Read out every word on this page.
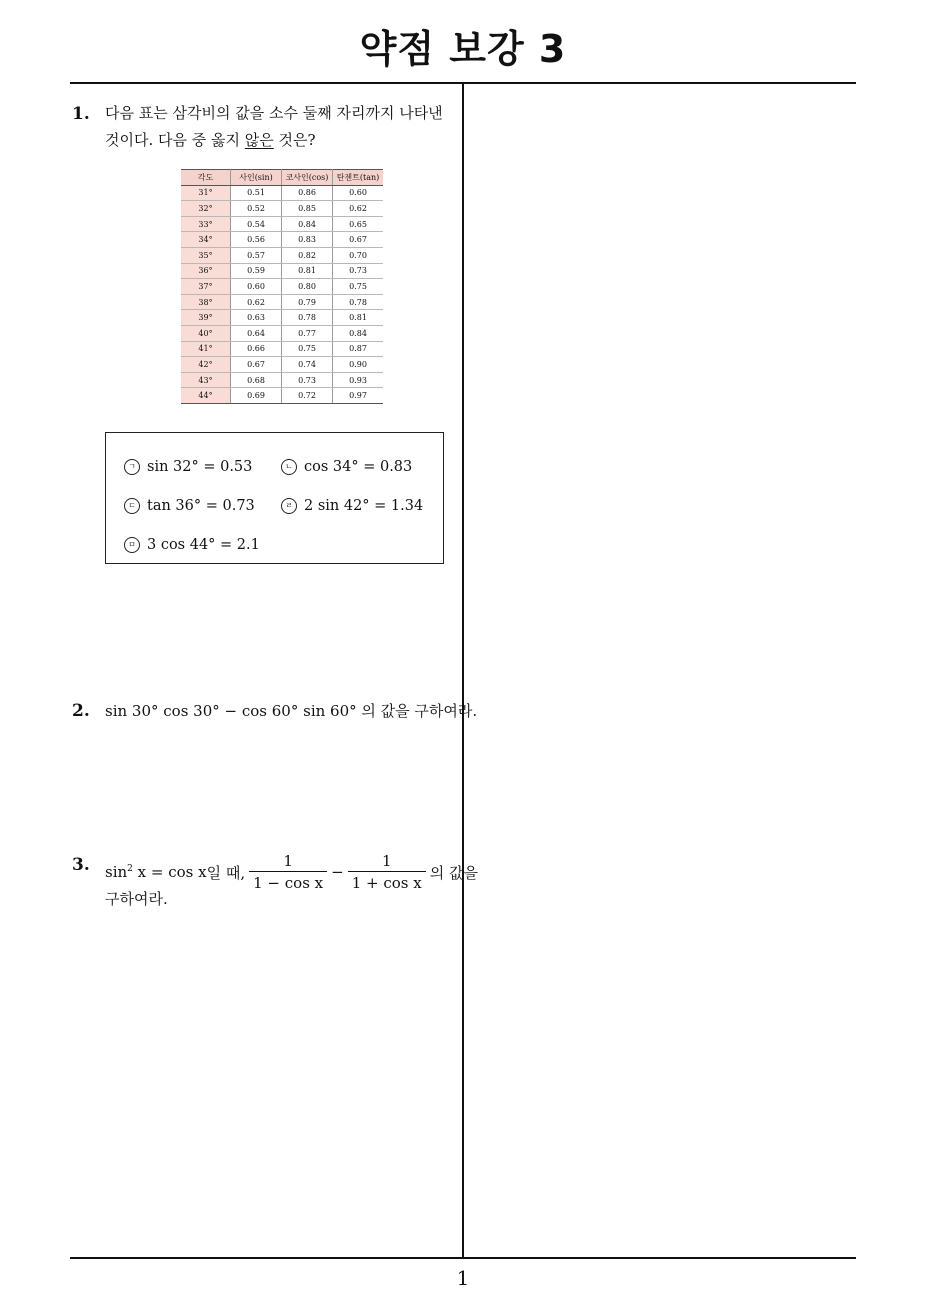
약점 보강 3
1. 다음 표는 삼각비의 값을 소수 둘째 자리까지 나타낸
것이다. 다음 중 옳지 않은 것은?
각도	사인(sin)	코사인(cos)	탄젠트(tan)
31°	0.51	0.86	0.60
32°	0.52	0.85	0.62
33°	0.54	0.84	0.65
34°	0.56	0.83	0.67
35°	0.57	0.82	0.70
36°	0.59	0.81	0.73
37°	0.60	0.80	0.75
38°	0.62	0.79	0.78
39°	0.63	0.78	0.81
40°	0.64	0.77	0.84
41°	0.66	0.75	0.87
42°	0.67	0.74	0.90
43°	0.68	0.73	0.93
44°	0.69	0.72	0.97
ㄱ sin 32° = 0.53	ㄴ cos 34° = 0.83
ㄷ tan 36° = 0.73	ㄹ 2 sin 42° = 1.34
ㅁ 3 cos 44° = 2.1
2. sin 30° cos 30° − cos 60° sin 60° 의 값을 구하여라.
3. $\sin^2 x = \cos x$ 일 때, $\frac{1}{\text{1 − cos x}} - \frac{1}{\text{1 + cos x}}$ 의 값을
구하여라.
1
